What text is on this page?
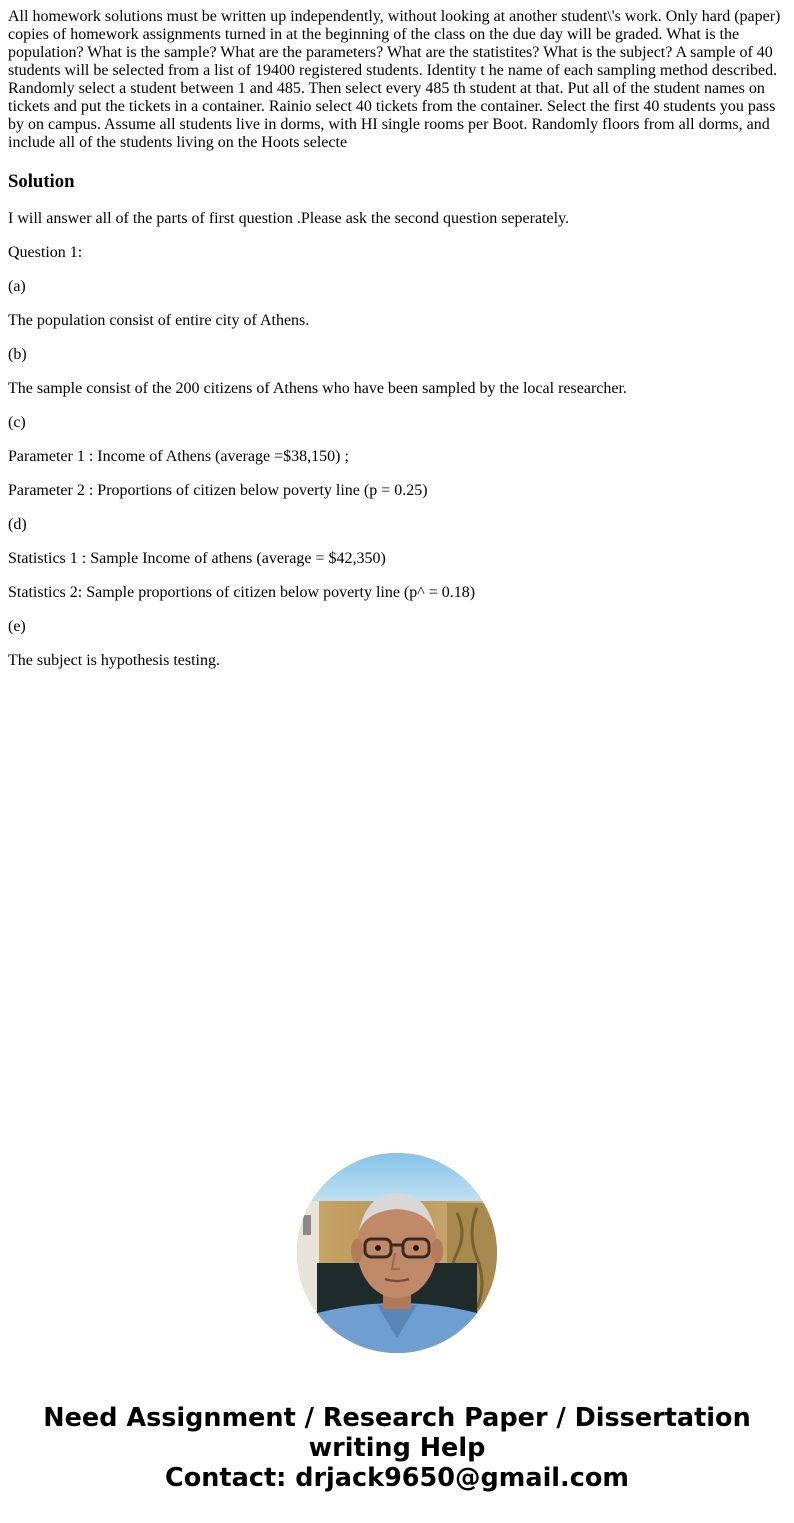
All homework solutions must be written up independently, without looking at another student\'s work. Only hard (paper) copies of homework assignments turned in at the beginning of the class on the due day will be graded. What is the population? What is the sample? What are the parameters? What are the statistites? What is the subject? A sample of 40 students will be selected from a list of 19400 registered students. Identity t he name of each sampling method described. Randomly select a student between 1 and 485. Then select every 485 th student at that. Put all of the student names on tickets and put the tickets in a container. Rainio select 40 tickets from the container. Select the first 40 students you pass by on campus. Assume all students live in dorms, with HI single rooms per Boot. Randomly floors from all dorms, and include all of the students living on the Hoots selecte

Solution

I will answer all of the parts of first question .Please ask the second question seperately.

Question 1:

(a)

The population consist of entire city of Athens.

(b)

The sample consist of the 200 citizens of Athens who have been sampled by the local researcher.

(c)

Parameter 1 : Income of Athens (average =$38,150) ;

Parameter 2 : Proportions of citizen below poverty line (p = 0.25)

(d)

Statistics 1 : Sample Income of athens (average = $42,350)

Statistics 2: Sample proportions of citizen below poverty line (p^ = 0.18)

(e)

The subject is hypothesis testing.

Need Assignment / Research Paper / Dissertation
writing Help
Contact: drjack9650@gmail.com
